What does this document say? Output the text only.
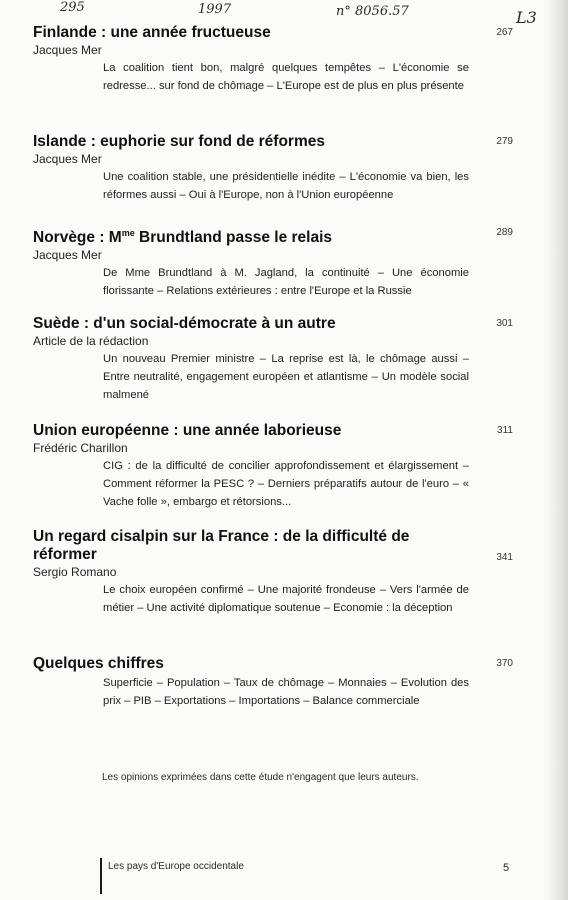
295	1997	n° 8056.57	L3
Finlande : une année fructueuse
Jacques Mer

La coalition tient bon, malgré quelques tempêtes – L'économie se redresse... sur fond de chômage – L'Europe est de plus en plus présente

267
Islande : euphorie sur fond de réformes
Jacques Mer

Une coalition stable, une présidentielle inédite – L'économie va bien, les réformes aussi – Oui à l'Europe, non à l'Union européenne

279
Norvège : $M^{me}$ Brundtland passe le relais
Jacques Mer

De Mme Brundtland à M. Jagland, la continuité – Une économie florissante – Relations extérieures : entre l'Europe et la Russie

289
Suède : d'un social-démocrate à un autre
Article de la rédaction

Un nouveau Premier ministre – La reprise est là, le chômage aussi – Entre neutralité, engagement européen et atlantisme – Un modèle social malmené

301
Union européenne : une année laborieuse
Frédéric Charillon

CIG : de la difficulté de concilier approfondissement et élargissement – Comment réformer la PESC ? – Derniers préparatifs autour de l'euro – « Vache folle », embargo et rétorsions...

311
Un regard cisalpin sur la France : de la difficulté de réformer
Sergio Romano

Le choix européen confirmé – Une majorité frondeuse – Vers l'armée de métier – Une activité diplomatique soutenue – Economie : la déception

341
Quelques chiffres

Superficie – Population – Taux de chômage – Monnaies – Evolution des prix – PIB – Exportations – Importations – Balance commerciale

370
Les opinions exprimées dans cette étude n'engagent que leurs auteurs.
Les pays d'Europe occidentale	5
